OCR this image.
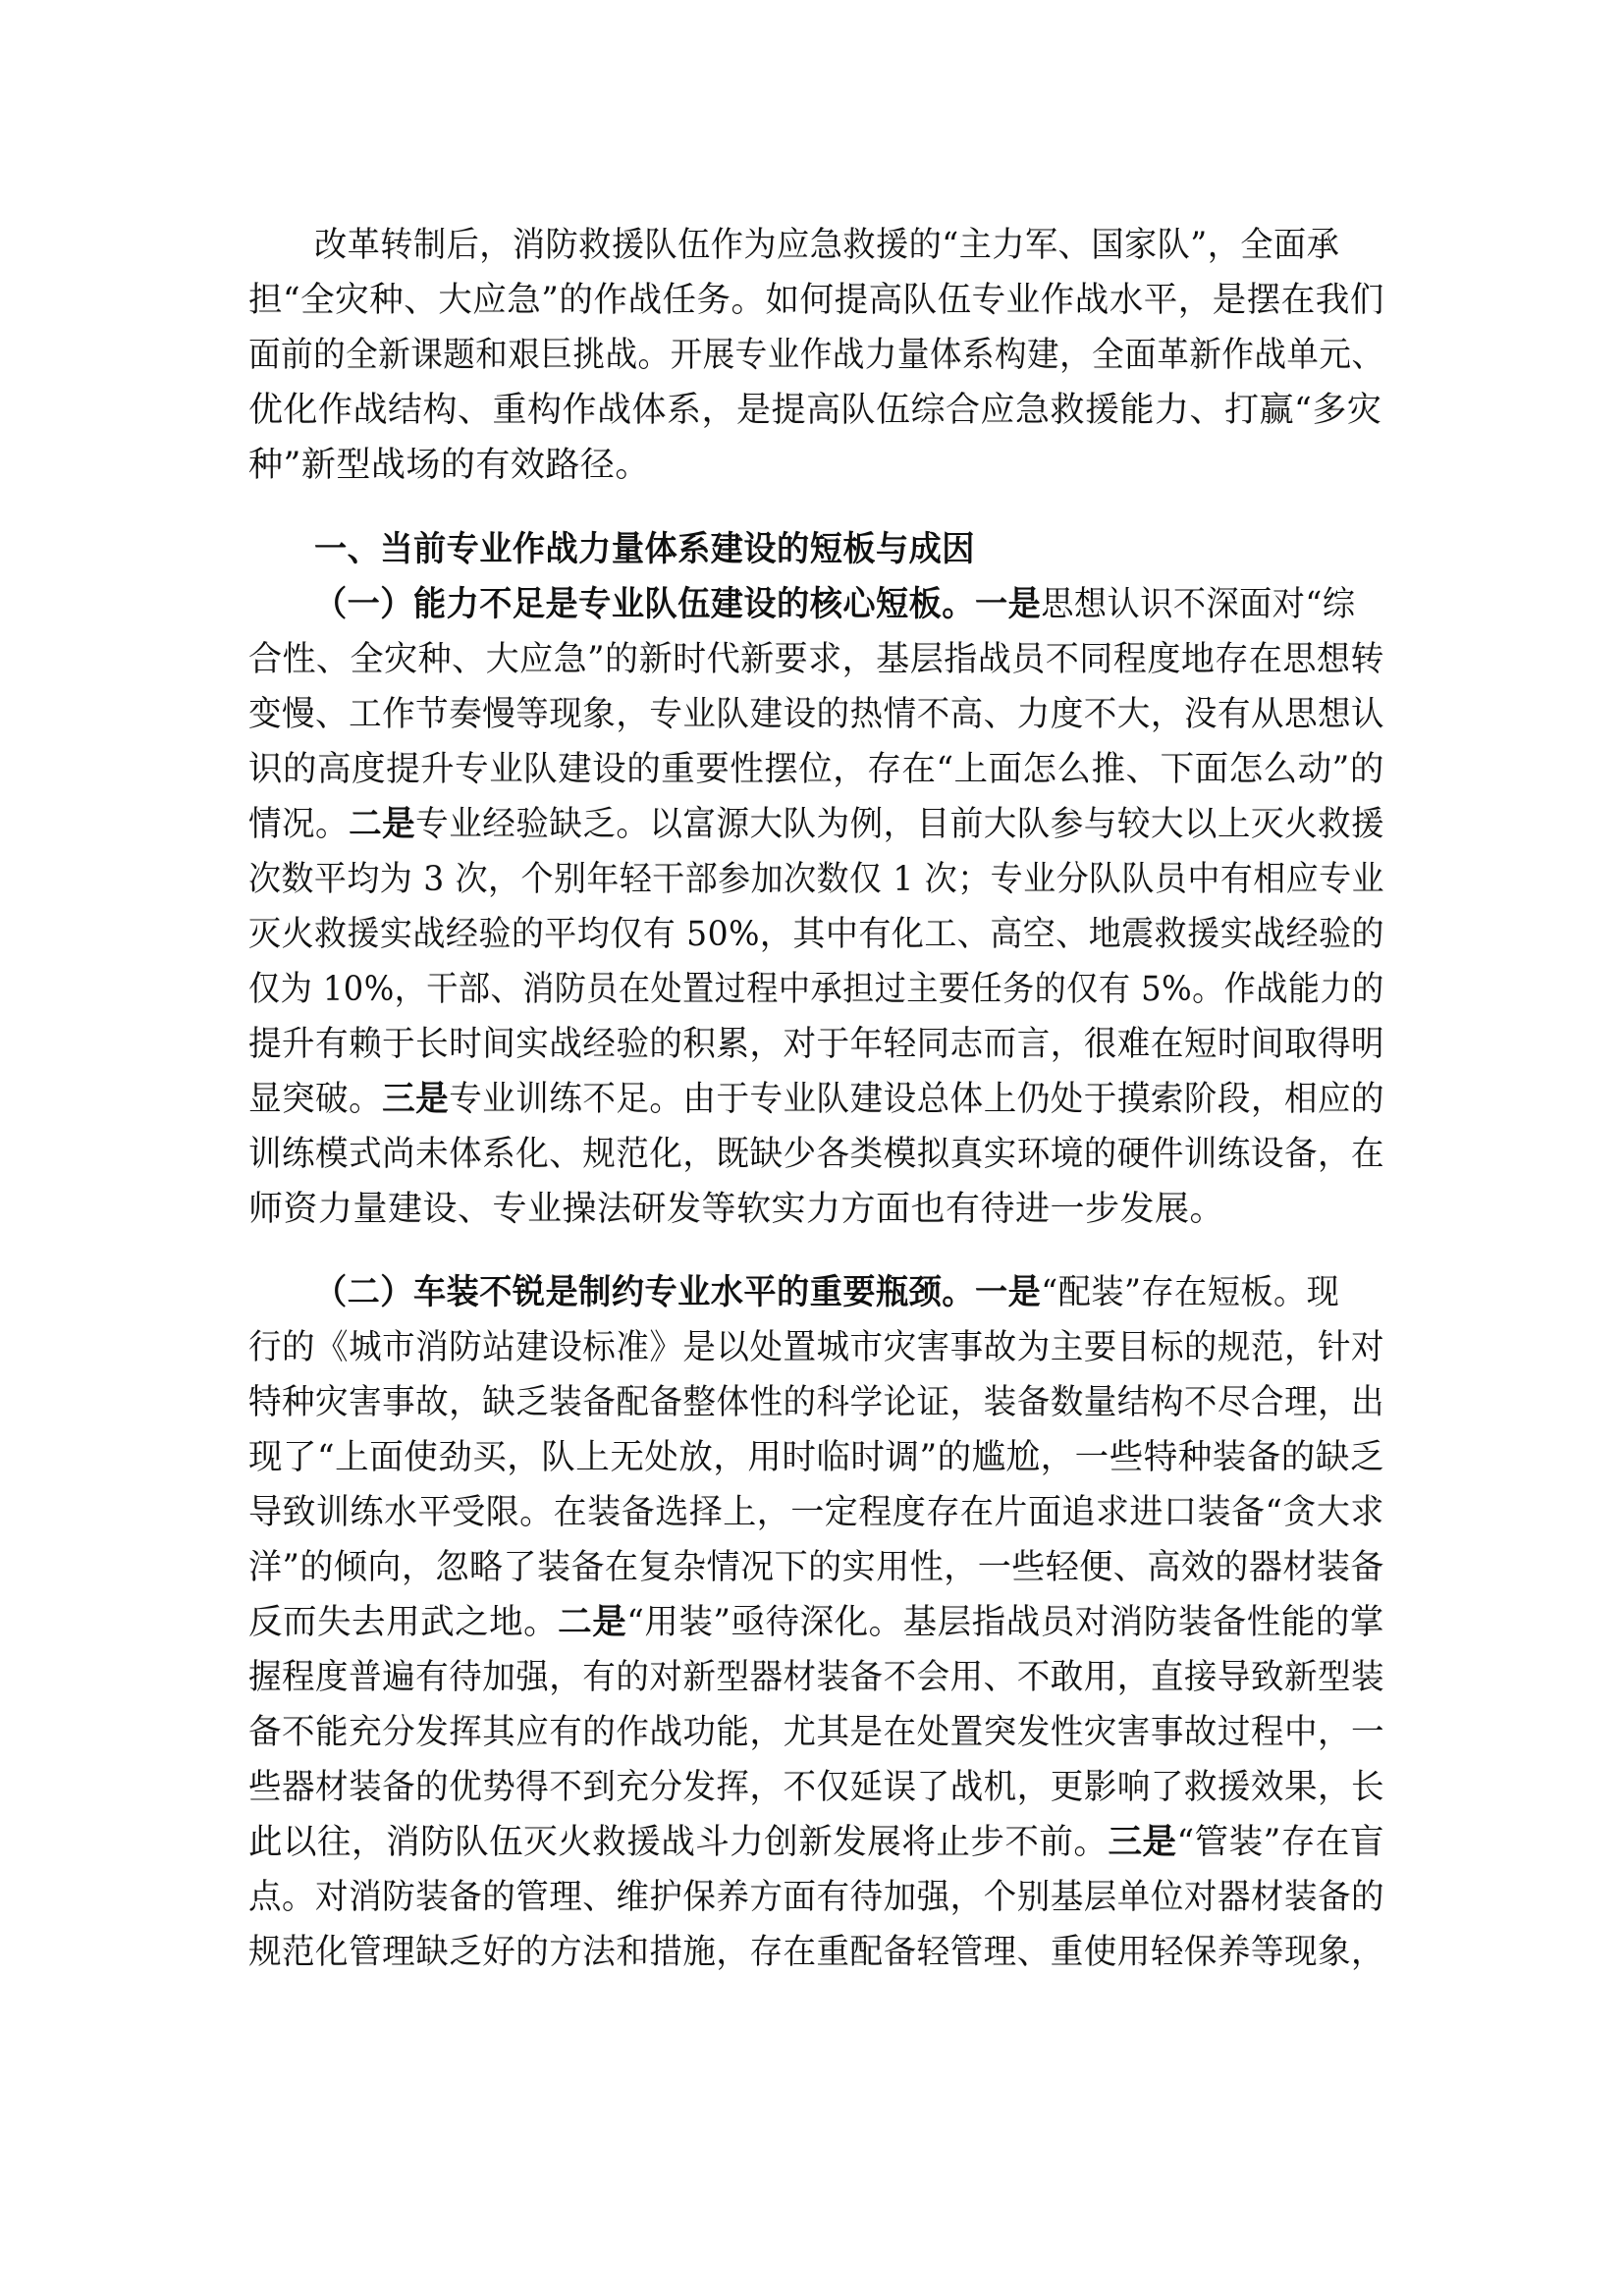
改革转制后，消防救援队伍作为应急救援的“主力军、国家队”，全面承
担“全灾种、大应急”的作战任务。如何提高队伍专业作战水平，是摆在我们
面前的全新课题和艰巨挑战。开展专业作战力量体系构建，全面革新作战单元、
优化作战结构、重构作战体系，是提高队伍综合应急救援能力、打赢“多灾
种”新型战场的有效路径。
一、当前专业作战力量体系建设的短板与成因
（一）能力不足是专业队伍建设的核心短板。一是思想认识不深面对“综
合性、全灾种、大应急”的新时代新要求，基层指战员不同程度地存在思想转
变慢、工作节奏慢等现象，专业队建设的热情不高、力度不大，没有从思想认
识的高度提升专业队建设的重要性摆位，存在“上面怎么推、下面怎么动”的
情况。二是专业经验缺乏。以富源大队为例，目前大队参与较大以上灭火救援
次数平均为 3 次，个别年轻干部参加次数仅 1 次；专业分队队员中有相应专业
灭火救援实战经验的平均仅有 50%，其中有化工、高空、地震救援实战经验的
仅为 10%，干部、消防员在处置过程中承担过主要任务的仅有 5%。作战能力的
提升有赖于长时间实战经验的积累，对于年轻同志而言，很难在短时间取得明
显突破。三是专业训练不足。由于专业队建设总体上仍处于摸索阶段，相应的
训练模式尚未体系化、规范化，既缺少各类模拟真实环境的硬件训练设备，在
师资力量建设、专业操法研发等软实力方面也有待进一步发展。
（二）车装不锐是制约专业水平的重要瓶颈。一是“配装”存在短板。现
行的《城市消防站建设标准》是以处置城市灾害事故为主要目标的规范，针对
特种灾害事故，缺乏装备配备整体性的科学论证，装备数量结构不尽合理，出
现了“上面使劲买，队上无处放，用时临时调”的尴尬，一些特种装备的缺乏
导致训练水平受限。在装备选择上，一定程度存在片面追求进口装备“贪大求
洋”的倾向，忽略了装备在复杂情况下的实用性，一些轻便、高效的器材装备
反而失去用武之地。二是“用装”亟待深化。基层指战员对消防装备性能的掌
握程度普遍有待加强，有的对新型器材装备不会用、不敢用，直接导致新型装
备不能充分发挥其应有的作战功能，尤其是在处置突发性灾害事故过程中，一
些器材装备的优势得不到充分发挥，不仅延误了战机，更影响了救援效果，长
此以往，消防队伍灭火救援战斗力创新发展将止步不前。三是“管装”存在盲
点。对消防装备的管理、维护保养方面有待加强，个别基层单位对器材装备的
规范化管理缺乏好的方法和措施，存在重配备轻管理、重使用轻保养等现象，
